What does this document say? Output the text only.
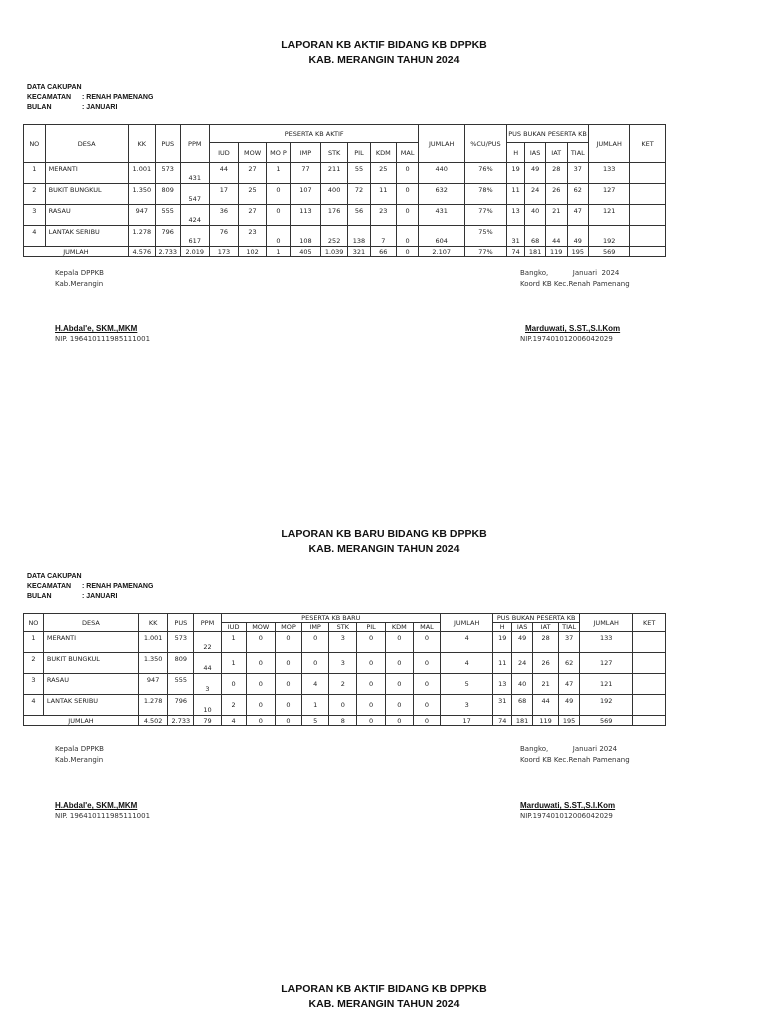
LAPORAN KB AKTIF BIDANG KB DPPKB
KAB. MERANGIN TAHUN 2024
DATA CAKUPAN
KECAMATAN : RENAH PAMENANG
BULAN	: JANUARI
NO	DESA	KK	PUS	PPM	PESERTA KB AKTIF								JUMLAH	%CU/PUS	PUS BUKAN PESERTA KB				JUMLAH	KET
					IUD	MOW	MO P	IMP	STK	PIL	KDM	MAL			H	IAS	IAT	TIAL		
1	MERANTI	1.001	573	431	44	27	1	77	211	55	25	0	440	76%	19	49	28	37	133	
2	BUKIT BUNGKUL	1.350	809	547	17	25	0	107	400	72	11	0	632	78%	11	24	26	62	127	
3	RASAU	947	555	424	36	27	0	113	176	56	23	0	431	77%	13	40	21	47	121	
4	LANTAK SERIBU	1.278	796	617	76	23	0	108	252	138	7	0	604	75%	31	68	44	49	192	
JUMLAH		4.576	2.733	2.019	173	102	1	405	1.039	321	66	0	2.107	77%	74	181	119	195	569	
Kepala DPPKB
Kab.Merangin
H.Abdal'e, SKM.,MKM
NIP. 196410111985111001
Bangko,           Januari  2024
Koord KB Kec.Renah Pamenang
Marduwati, S.ST.,S.I.Kom
NIP.197401012006042029
LAPORAN KB BARU BIDANG KB DPPKB
KAB. MERANGIN TAHUN 2024
DATA CAKUPAN
KECAMATAN : RENAH PAMENANG
BULAN	: JANUARI
NO	DESA	KK	PUS	PPM	PESERTA KB BARU								JUMLAH	PUS BUKAN PESERTA KB				JUMLAH	KET
					IUD	MOW	MOP	IMP	STK	PIL	KDM	MAL		H	IAS	IAT	TIAL		
1	MERANTI	1.001	573	22	1	0	0	0	3	0	0	0	4	19	49	28	37	133	
2	BUKIT BUNGKUL	1.350	809	44	1	0	0	0	3	0	0	0	4	11	24	26	62	127	
3	RASAU	947	555	3	0	0	0	4	2	0	0	0	5	13	40	21	47	121	
4	LANTAK SERIBU	1.278	796	10	2	0	0	1	0	0	0	0	3	31	68	44	49	192	
JUMLAH		4.502	2.733	79	4	0	0	5	8	0	0	0	17	74	181	119	195	569	
Kepala DPPKB
Kab.Merangin
H.Abdal'e, SKM.,MKM
NIP. 196410111985111001
Bangko,           Januari 2024
Koord KB Kec.Renah Pamenang
Marduwati, S.ST.,S.I.Kom
NIP.197401012006042029
LAPORAN KB AKTIF BIDANG KB DPPKB
KAB. MERANGIN TAHUN 2024
